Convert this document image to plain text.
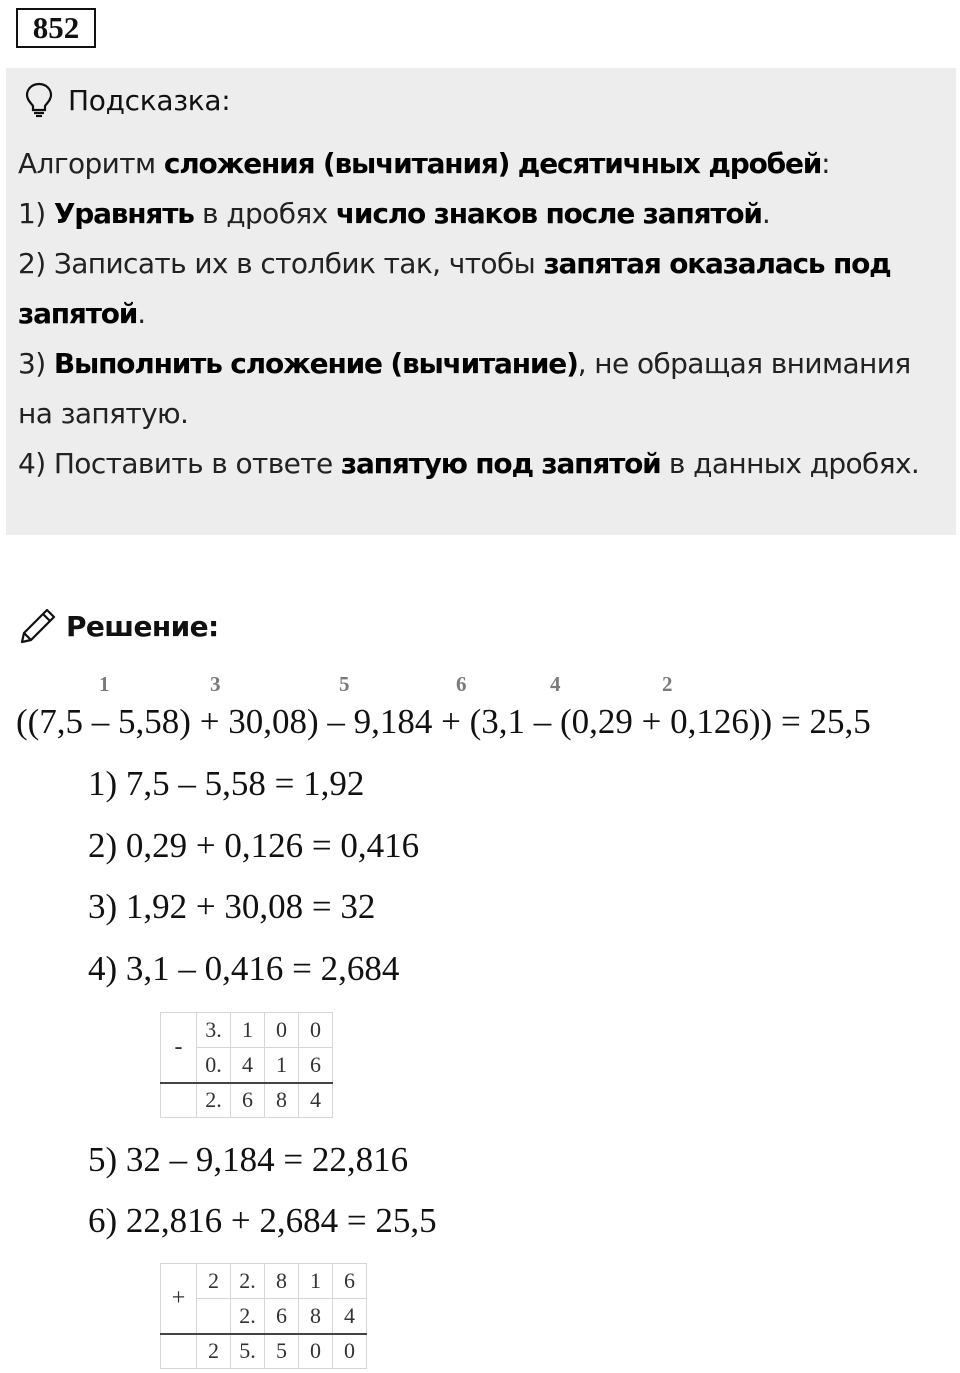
852
Подсказка:
Алгоритм сложения (вычитания) десятичных дробей:
1) Уравнять в дробях число знаков после запятой.
2) Записать их в столбик так, чтобы запятая оказалась под
запятой.
3) Выполнить сложение (вычитание), не обращая внимания
на запятую.
4) Поставить в ответе запятую под запятой в данных дробях.
Решение:
1	3	5	6	4	2
((7,5 – 5,58) + 30,08) – 9,184 + (3,1 – (0,29 + 0,126)) = 25,5
1) 7,5 – 5,58 = 1,92
2) 0,29 + 0,126 = 0,416
3) 1,92 + 30,08 = 32
4) 3,1 – 0,416 = 2,684
-	3.	1	0	0
	0.	4	1	6
	2.	6	8	4
5) 32 – 9,184 = 22,816
6) 22,816 + 2,684 = 25,5
+	2	2.	8	1	6
		2.	6	8	4
	2	5.	5	0	0
